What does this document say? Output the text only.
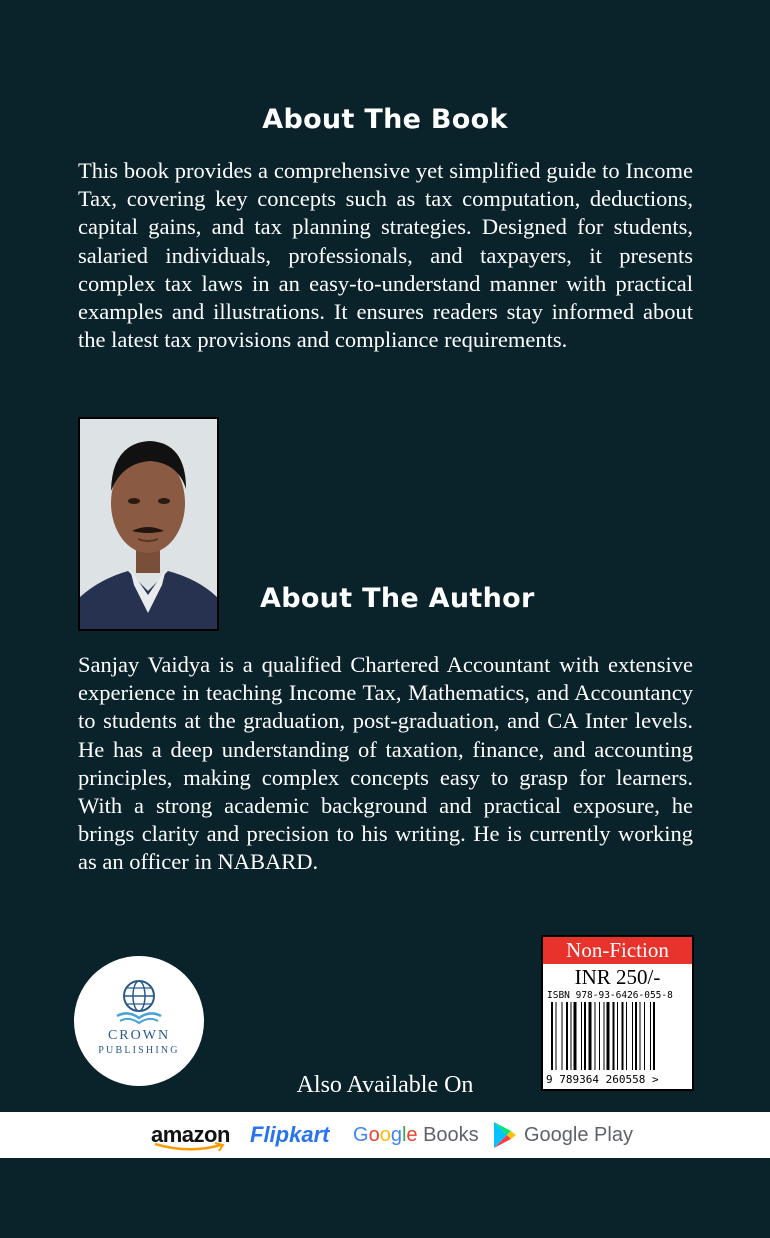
About The Book

This book provides a comprehensive yet simplified guide to Income Tax, covering key concepts such as tax computation, deductions, capital gains, and tax planning strategies. Designed for students, salaried individuals, professionals, and taxpayers, it presents complex tax laws in an easy-to-understand manner with practical examples and illustrations. It ensures readers stay informed about the latest tax provisions and compliance requirements.

About The Author

Sanjay Vaidya is a qualified Chartered Accountant with extensive experience in teaching Income Tax, Mathematics, and Accountancy to students at the graduation, post-graduation, and CA Inter levels. He has a deep understanding of taxation, finance, and accounting principles, making complex concepts easy to grasp for learners. With a strong academic background and practical exposure, he brings clarity and precision to his writing. He is currently working as an officer in NABARD.

CROWN
PUBLISHING
Non-Fiction
INR 250/-
ISBN 978-93-6426-055-8
9 789364 260558 >
Also Available On
amazon Flipkart Google Books Google Play
